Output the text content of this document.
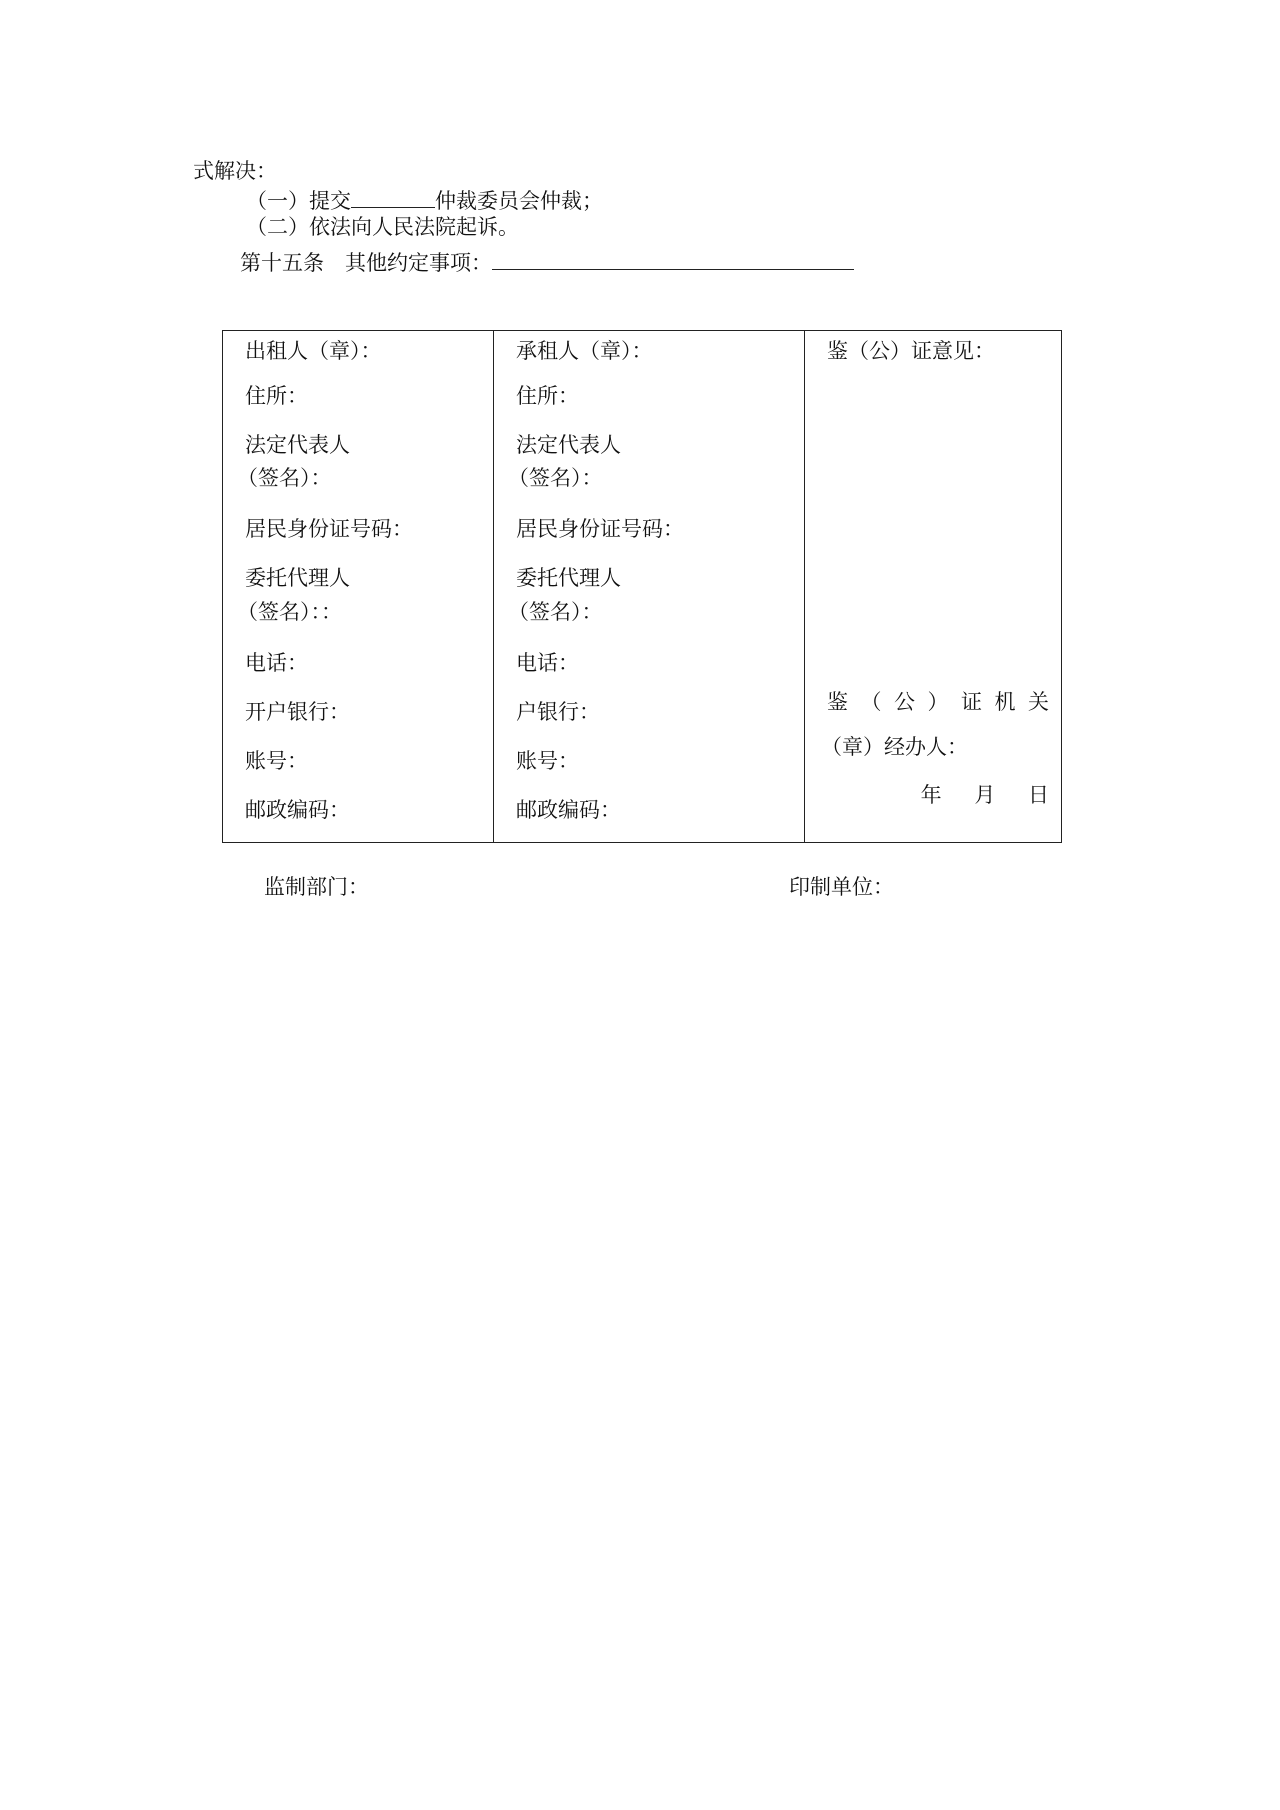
式解决：
（一）提交	仲裁委员会仲裁；
（二）依法向人民法院起诉。
第十五条　其他约定事项：
出租人（章）：
住所：
法定代表人
（签名）：
居民身份证号码：
委托代理人
（签名）：：
电话：
开户银行：
账号：
邮政编码：

承租人（章）：
住所：
法定代表人
（签名）：
居民身份证号码：
委托代理人
（签名）：
电话：
户银行：
账号：
邮政编码：

鉴（公）证意见：
鉴 （ 公 ） 证 机 关
（章）经办人：
年 月 日
监制部门：	印制单位：
